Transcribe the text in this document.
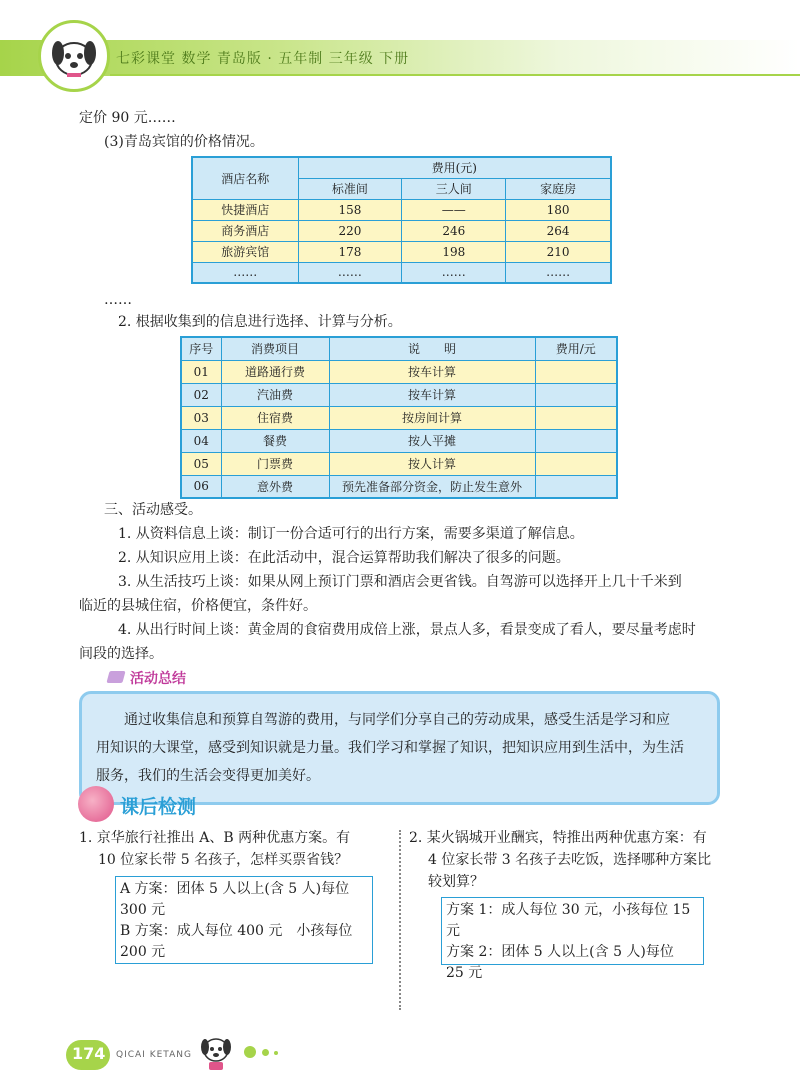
七彩课堂 数学 青岛版 · 五年制 三年级 下册
定价 90 元……
(3)青岛宾馆的价格情况。
酒店名称	费用(元)		
	标准间	三人间	家庭房
快捷酒店	158	——	180
商务酒店	220	246	264
旅游宾馆	178	198	210
……	……	……	……
……
2. 根据收集到的信息进行选择、计算与分析。
序号	消费项目	说　　明	费用/元
01	道路通行费	按车计算	
02	汽油费	按车计算	
03	住宿费	按房间计算	
04	餐费	按人平摊	
05	门票费	按人计算	
06	意外费	预先准备部分资金，防止发生意外	
三、活动感受。
1. 从资料信息上谈：制订一份合适可行的出行方案，需要多渠道了解信息。
2. 从知识应用上谈：在此活动中，混合运算帮助我们解决了很多的问题。
3. 从生活技巧上谈：如果从网上预订门票和酒店会更省钱。自驾游可以选择开上几十千米到
临近的县城住宿，价格便宜，条件好。
4. 从出行时间上谈：黄金周的食宿费用成倍上涨，景点人多，看景变成了看人，要尽量考虑时
间段的选择。
活动总结
通过收集信息和预算自驾游的费用，与同学们分享自己的劳动成果，感受生活是学习和应
用知识的大课堂，感受到知识就是力量。我们学习和掌握了知识，把知识应用到生活中，为生活
服务，我们的生活会变得更加美好。
课后检测
1. 京华旅行社推出 A、B 两种优惠方案。有
10 位家长带 5 名孩子，怎样买票省钱？
A 方案：团体 5 人以上(含 5 人)每位
300 元
B 方案：成人每位 400 元　小孩每位
200 元
2. 某火锅城开业酬宾，特推出两种优惠方案：有
4 位家长带 3 名孩子去吃饭，选择哪种方案比
较划算？
方案 1：成人每位 30 元，小孩每位 15 元
方案 2：团体 5 人以上(含 5 人)每位
25 元
174 QICAI KETANG
